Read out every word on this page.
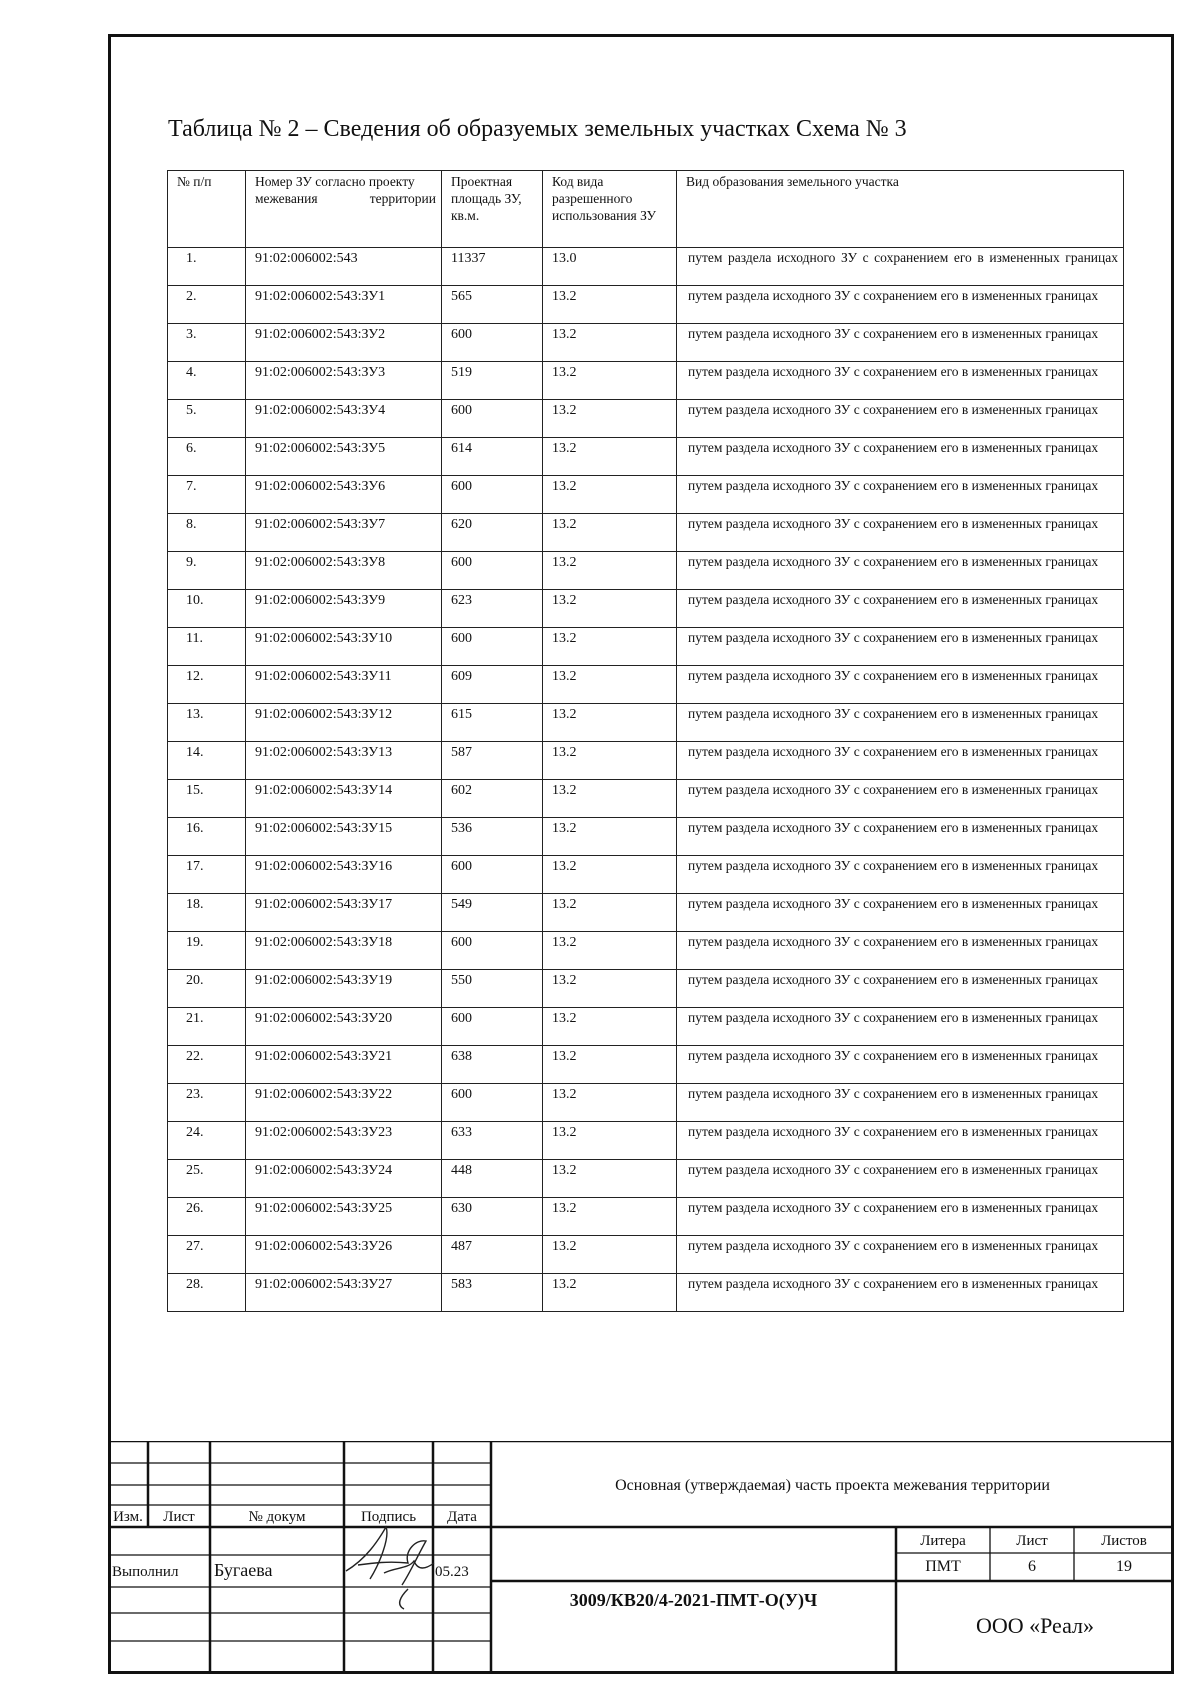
Таблица № 2 – Сведения об образуемых земельных участках Схема № 3
№ п/п	Номер ЗУ согласно проекту межевания территории	Проектная площадь ЗУ, кв.м.	Код вида разрешенного использования ЗУ	Вид образования земельного участка
1.	91:02:006002:543	11337	13.0	путем раздела исходного ЗУ с сохранением его в измененных границах
2.	91:02:006002:543:ЗУ1	565	13.2	путем раздела исходного ЗУ с сохранением его в измененных границах
3.	91:02:006002:543:ЗУ2	600	13.2	путем раздела исходного ЗУ с сохранением его в измененных границах
4.	91:02:006002:543:ЗУ3	519	13.2	путем раздела исходного ЗУ с сохранением его в измененных границах
5.	91:02:006002:543:ЗУ4	600	13.2	путем раздела исходного ЗУ с сохранением его в измененных границах
6.	91:02:006002:543:ЗУ5	614	13.2	путем раздела исходного ЗУ с сохранением его в измененных границах
7.	91:02:006002:543:ЗУ6	600	13.2	путем раздела исходного ЗУ с сохранением его в измененных границах
8.	91:02:006002:543:ЗУ7	620	13.2	путем раздела исходного ЗУ с сохранением его в измененных границах
9.	91:02:006002:543:ЗУ8	600	13.2	путем раздела исходного ЗУ с сохранением его в измененных границах
10.	91:02:006002:543:ЗУ9	623	13.2	путем раздела исходного ЗУ с сохранением его в измененных границах
11.	91:02:006002:543:ЗУ10	600	13.2	путем раздела исходного ЗУ с сохранением его в измененных границах
12.	91:02:006002:543:ЗУ11	609	13.2	путем раздела исходного ЗУ с сохранением его в измененных границах
13.	91:02:006002:543:ЗУ12	615	13.2	путем раздела исходного ЗУ с сохранением его в измененных границах
14.	91:02:006002:543:ЗУ13	587	13.2	путем раздела исходного ЗУ с сохранением его в измененных границах
15.	91:02:006002:543:ЗУ14	602	13.2	путем раздела исходного ЗУ с сохранением его в измененных границах
16.	91:02:006002:543:ЗУ15	536	13.2	путем раздела исходного ЗУ с сохранением его в измененных границах
17.	91:02:006002:543:ЗУ16	600	13.2	путем раздела исходного ЗУ с сохранением его в измененных границах
18.	91:02:006002:543:ЗУ17	549	13.2	путем раздела исходного ЗУ с сохранением его в измененных границах
19.	91:02:006002:543:ЗУ18	600	13.2	путем раздела исходного ЗУ с сохранением его в измененных границах
20.	91:02:006002:543:ЗУ19	550	13.2	путем раздела исходного ЗУ с сохранением его в измененных границах
21.	91:02:006002:543:ЗУ20	600	13.2	путем раздела исходного ЗУ с сохранением его в измененных границах
22.	91:02:006002:543:ЗУ21	638	13.2	путем раздела исходного ЗУ с сохранением его в измененных границах
23.	91:02:006002:543:ЗУ22	600	13.2	путем раздела исходного ЗУ с сохранением его в измененных границах
24.	91:02:006002:543:ЗУ23	633	13.2	путем раздела исходного ЗУ с сохранением его в измененных границах
25.	91:02:006002:543:ЗУ24	448	13.2	путем раздела исходного ЗУ с сохранением его в измененных границах
26.	91:02:006002:543:ЗУ25	630	13.2	путем раздела исходного ЗУ с сохранением его в измененных границах
27.	91:02:006002:543:ЗУ26	487	13.2	путем раздела исходного ЗУ с сохранением его в измененных границах
28.	91:02:006002:543:ЗУ27	583	13.2	путем раздела исходного ЗУ с сохранением его в измененных границах
Изм.	Лист	№ докум	Подпись	Дата
Выполнил Бугаева	05.23
Основная (утверждаемая) часть проекта межевания территории
3009/КВ20/4-2021-ПМТ-О(У)Ч
Литера	Лист	Листов
ПМТ	6	19
ООО «Реал»
